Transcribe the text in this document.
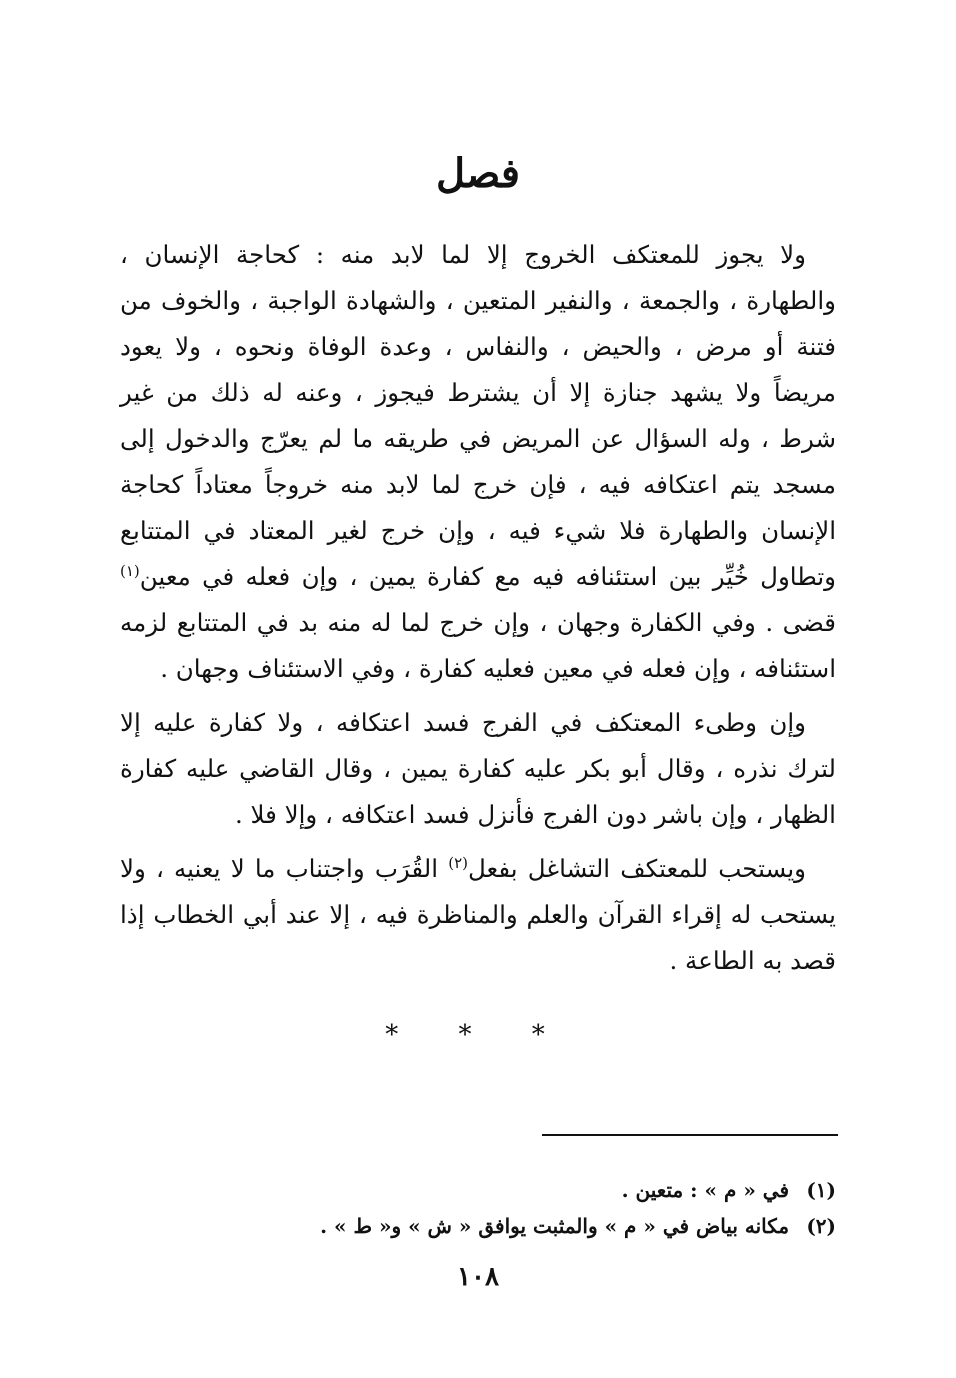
فصل

ولا يجوز للمعتكف الخروج إلا لما لابد منه : كحاجة الإنسان ، والطهارة ، والجمعة ، والنفير المتعين ، والشهادة الواجبة ، والخوف من فتنة أو مرض ، والحيض ، والنفاس ، وعدة الوفاة ونحوه ، ولا يعود مريضاً ولا يشهد جنازة إلا أن يشترط فيجوز ، وعنه له ذلك من غير شرط ، وله السؤال عن المريض في طريقه ما لم يعرّج والدخول إلى مسجد يتم اعتكافه فيه ، فإن خرج لما لابد منه خروجاً معتاداً كحاجة الإنسان والطهارة فلا شيء فيه ، وإن خرج لغير المعتاد في المتتابع وتطاول خُيِّر بين استئنافه فيه مع كفارة يمين ، وإن فعله في معين$^{(١)}$ قضى . وفي الكفارة وجهان ، وإن خرج لما له منه بد في المتتابع لزمه استئنافه ، وإن فعله في معين فعليه كفارة ، وفي الاستئناف وجهان .

وإن وطىء المعتكف في الفرج فسد اعتكافه ، ولا كفارة عليه إلا لترك نذره ، وقال أبو بكر عليه كفارة يمين ، وقال القاضي عليه كفارة الظهار ، وإن باشر دون الفرج فأنزل فسد اعتكافه ، وإلا فلا .

ويستحب للمعتكف التشاغل بفعل$^{(٢)}$ القُرَب واجتناب ما لا يعنيه ، ولا يستحب له إقراء القرآن والعلم والمناظرة فيه ، إلا عند أبي الخطاب إذا قصد به الطاعة .

* * *
(١) في « م » : متعين .
(٢) مكانه بياض في « م » والمثبت يوافق « ش » و« ط » .
١٠٨
